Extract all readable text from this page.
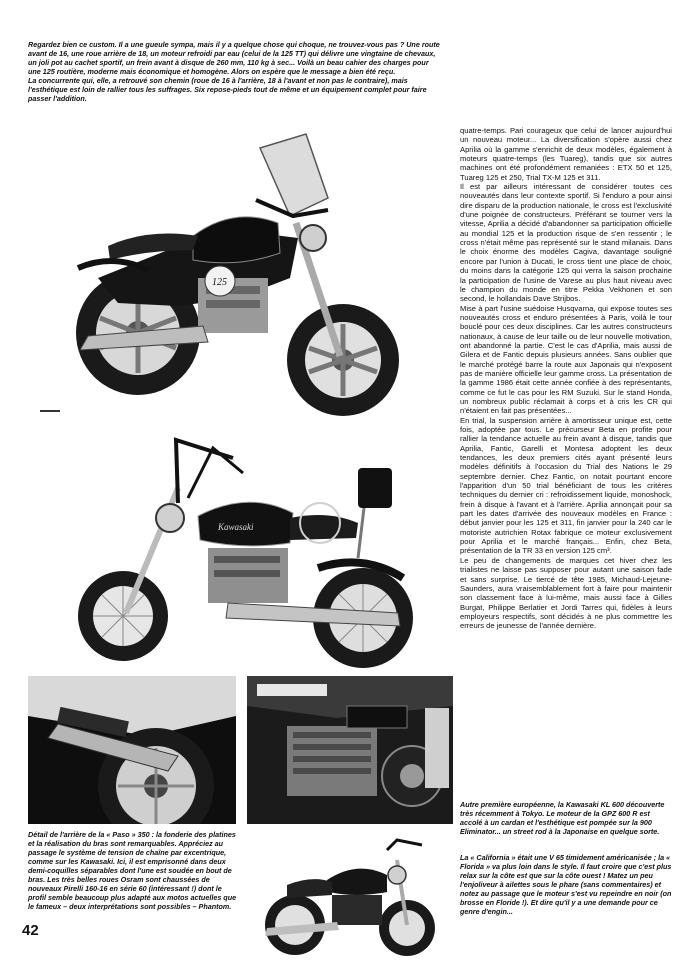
Regardez bien ce custom. Il a une gueule sympa, mais il y a quelque chose qui choque, ne trouvez-vous pas ? Une route avant de 16, une roue arrière de 18, un moteur refroidi par eau (celui de la 125 TT) qui délivre une vingtaine de chevaux, un joli pot au cachet sportif, un frein avant à disque de 260 mm, 110 kg à sec... Voilà un beau cahier des charges pour une 125 routière, moderne mais économique et homogène. Alors on espère que le message a bien été reçu.

La concurrente qui, elle, a retrouvé son chemin (roue de 16 à l'arrière, 18 à l'avant et non pas le contraire), mais l'esthétique est loin de rallier tous les suffrages. Six repose-pieds tout de même et un équipement complet pour faire passer l'addition.

125
Kawasaki

Détail de l'arrière de la « Paso » 350 : la fonderie des platines et la réalisation du bras sont remarquables. Appréciez au passage le système de tension de chaîne par excentrique, comme sur les Kawasaki. Ici, il est emprisonné dans deux demi-coquilles séparables dont l'une est soudée en bout de bras. Les très belles roues Osram sont chaussées de nouveaux Pirelli 160-16 en série 60 (intéressant !) dont le profil semble beaucoup plus adapté aux motos actuelles que le fameux – deux interprétations sont possibles – Phantom.

quatre-temps. Pari courageux que celui de lancer aujourd'hui un nouveau moteur... La diversification s'opère aussi chez Aprilia où la gamme s'enrichit de deux modèles, également à moteurs quatre-temps (les Tuareg), tandis que six autres machines ont été profondément remaniées : ETX 50 et 125, Tuareg 125 et 250, Trial TX-M 125 et 311.

Il est par ailleurs intéressant de considérer toutes ces nouveautés dans leur contexte sportif. Si l'enduro a pour ainsi dire disparu de la production nationale, le cross est l'exclusivité d'une poignée de constructeurs. Préférant se tourner vers la vitesse, Aprilia a décidé d'abandonner sa participation officielle au mondial 125 et la production risque de s'en ressentir ; le cross n'était même pas représenté sur le stand milanais. Dans le choix énorme des modèles Cagiva, davantage souligné encore par l'union à Ducati, le cross tient une place de choix, du moins dans la catégorie 125 qui verra la saison prochaine la participation de l'usine de Varese au plus haut niveau avec le champion du monde en titre Pekka Vekhonen et son second, le hollandais Dave Strijbos.

Mise à part l'usine suédoise Husqvarna, qui expose toutes ses nouveautés cross et enduro présentées à Paris, voilà le tour bouclé pour ces deux disciplines. Car les autres constructeurs nationaux, à cause de leur taille ou de leur nouvelle motivation, ont abandonné la partie. C'est le cas d'Aprilia, mais aussi de Gilera et de Fantic depuis plusieurs années. Sans oublier que le marché protégé barre la route aux Japonais qui n'exposent pas de manière officielle leur gamme cross. La présentation de la gamme 1986 était cette année confiée à des représentants, comme ce fut le cas pour les RM Suzuki. Sur le stand Honda, un nombreux public réclamait à corps et à cris les CR qui n'étaient en fait pas présentées...

En trial, la suspension arrière à amortisseur unique est, cette fois, adoptée par tous. Le précurseur Beta en profite pour rallier la tendance actuelle au frein avant à disque, tandis que Aprilia, Fantic, Garelli et Montesa adoptent les deux tendances, les deux premiers cités ayant présenté leurs modèles définitifs à l'occasion du Trial des Nations le 29 septembre dernier. Chez Fantic, on notait pourtant encore l'apparition d'un 50 trial bénéficiant de tous les critères techniques du dernier cri : refroidissement liquide, monoshock, frein à disque à l'avant et à l'arrière. Aprilia annonçait pour sa part les dates d'arrivée des nouveaux modèles en France : début janvier pour les 125 et 311, fin janvier pour la 240 car le motoriste autrichien Rotax fabrique ce moteur exclusivement pour Aprilia et le marché français... Enfin, chez Beta, présentation de la TR 33 en version 125 cm³.

Le peu de changements de marques cet hiver chez les trialistes ne laisse pas supposer pour autant une saison fade et sans surprise. Le tiercé de tête 1985, Michaud-Lejeune-Saunders, aura vraisemblablement fort à faire pour maintenir son classement face à lui-même, mais aussi face à Gilles Burgat, Philippe Berlatier et Jordi Tarres qui, fidèles à leurs employeurs respectifs, sont décidés à ne plus commettre les erreurs de jeunesse de l'année dernière.

Autre première européenne, la Kawasaki KL 600 découverte très récemment à Tokyo. Le moteur de la GPZ 600 R est accolé à un cardan et l'esthétique est pompée sur la 900 Eliminator... un street rod à la Japonaise en quelque sorte.

La « California » était une V 65 timidement américanisée ; la « Florida » va plus loin dans le style. Il faut croire que c'est plus relax sur la côte est que sur la côte ouest ! Matez un peu l'enjoliveur à ailettes sous le phare (sans commentaires) et notez au passage que le moteur s'est vu repeindre en noir (on brosse en Floride !). Et dire qu'il y a une demande pour ce genre d'engin...

42
